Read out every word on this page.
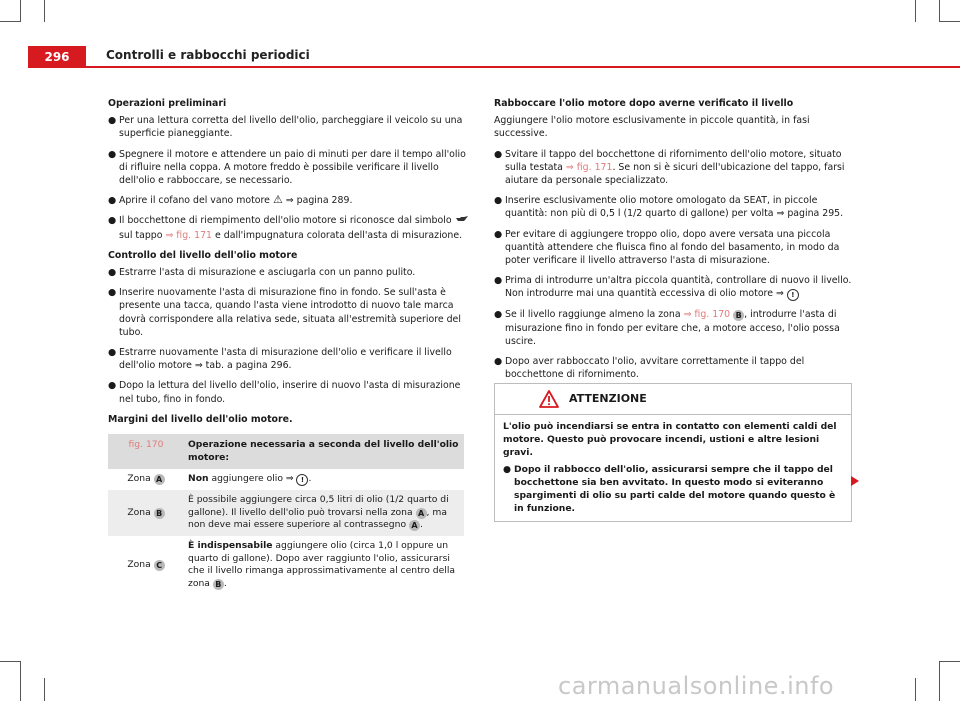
296	Controlli e rabbocchi periodici
Operazioni preliminari
● Per una lettura corretta del livello dell'olio, parcheggiare il veicolo su una superficie pianeggiante.
● Spegnere il motore e attendere un paio di minuti per dare il tempo all'olio di rifluire nella coppa. A motore freddo è possibile verificare il livello dell'olio e rabboccare, se necessario.
● Aprire il cofano del vano motore ⚠ ⇒ pagina 289.
● Il bocchettone di riempimento dell'olio motore si riconosce dal simbolo  sul tappo ⇒ fig. 171 e dall'impugnatura colorata dell'asta di misurazione.
Controllo del livello dell'olio motore
● Estrarre l'asta di misurazione e asciugarla con un panno pulito.
● Inserire nuovamente l'asta di misurazione fino in fondo. Se sull'asta è presente una tacca, quando l'asta viene introdotto di nuovo tale marca dovrà corrispondere alla relativa sede, situata all'estremità superiore del tubo.
● Estrarre nuovamente l'asta di misurazione dell'olio e verificare il livello dell'olio motore ⇒ tab. a pagina 296.
● Dopo la lettura del livello dell'olio, inserire di nuovo l'asta di misurazione nel tubo, fino in fondo.
Margini del livello dell'olio motore.
fig. 170	Operazione necessaria a seconda del livello dell'olio motore:
Zona A	Non aggiungere olio ⇒ ! .
Zona B	È possibile aggiungere circa 0,5 litri di olio (1/2 quarto di gallone). Il livello dell'olio può trovarsi nella zona A , ma non deve mai essere superiore al contrassegno A .
Zona C	È indispensabile aggiungere olio (circa 1,0 l oppure un quarto di gallone). Dopo aver raggiunto l'olio, assicurarsi che il livello rimanga approssimativamente al centro della zona B .
Rabboccare l'olio motore dopo averne verificato il livello
Aggiungere l'olio motore esclusivamente in piccole quantità, in fasi successive.
● Svitare il tappo del bocchettone di rifornimento dell'olio motore, situato sulla testata ⇒ fig. 171. Se non si è sicuri dell'ubicazione del tappo, farsi aiutare da personale specializzato.
● Inserire esclusivamente olio motore omologato da SEAT, in piccole quantità: non più di 0,5 l (1/2 quarto di gallone) per volta ⇒ pagina 295.
● Per evitare di aggiungere troppo olio, dopo avere versata una piccola quantità attendere che fluisca fino al fondo del basamento, in modo da poter verificare il livello attraverso l'asta di misurazione.
● Prima di introdurre un'altra piccola quantità, controllare di nuovo il livello. Non introdurre mai una quantità eccessiva di olio motore ⇒ !
● Se il livello raggiunge almeno la zona ⇒ fig. 170 B , introdurre l'asta di misurazione fino in fondo per evitare che, a motore acceso, l'olio possa uscire.
● Dopo aver rabboccato l'olio, avvitare correttamente il tappo del bocchettone di rifornimento.
ATTENZIONE
L'olio può incendiarsi se entra in contatto con elementi caldi del motore. Questo può provocare incendi, ustioni e altre lesioni gravi.
● Dopo il rabbocco dell'olio, assicurarsi sempre che il tappo del bocchettone sia ben avvitato. In questo modo si eviteranno spargimenti di olio su parti calde del motore quando questo è in funzione.
carmanualsonline.info
